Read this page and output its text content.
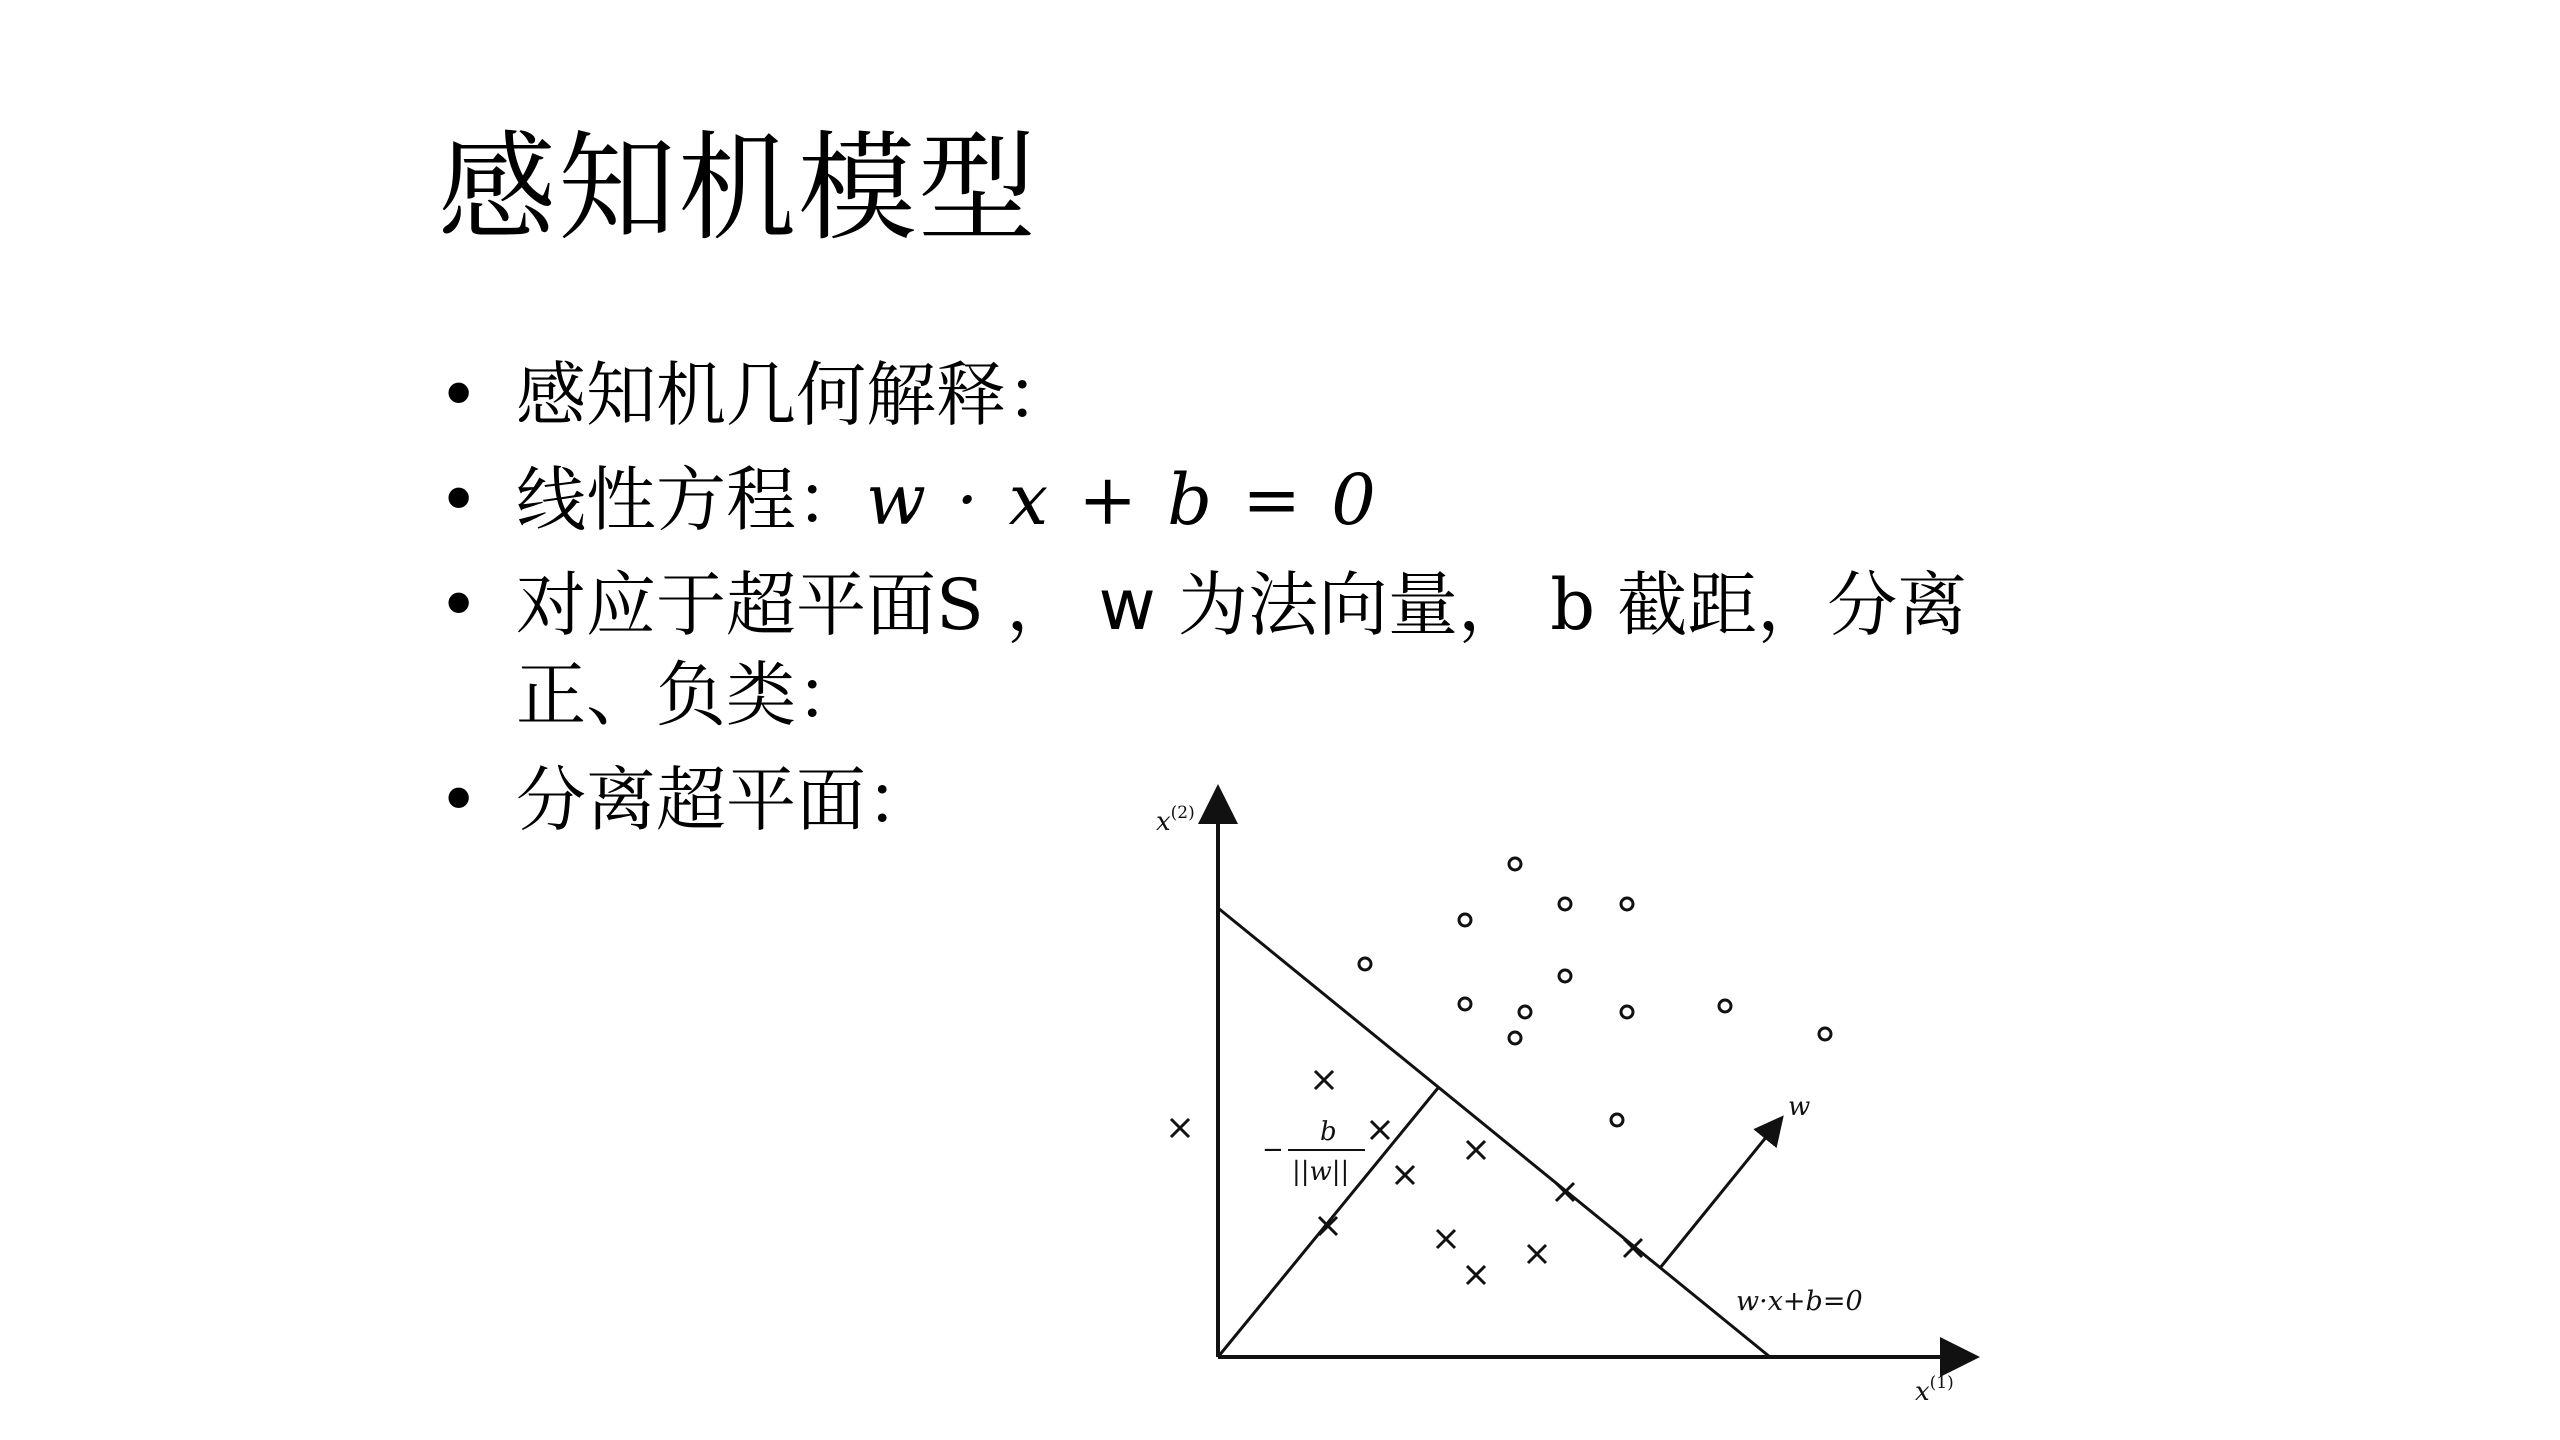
感知机模型
• 感知机几何解释：
• 线性方程：w · x + b = 0
• 对应于超平面S ， w 为法向量， b 截距，分离正、负类：
• 分离超平面：	$x^{(2)}$
$x^{(1)}$
w
w·x+b=0
−
b
||w||
